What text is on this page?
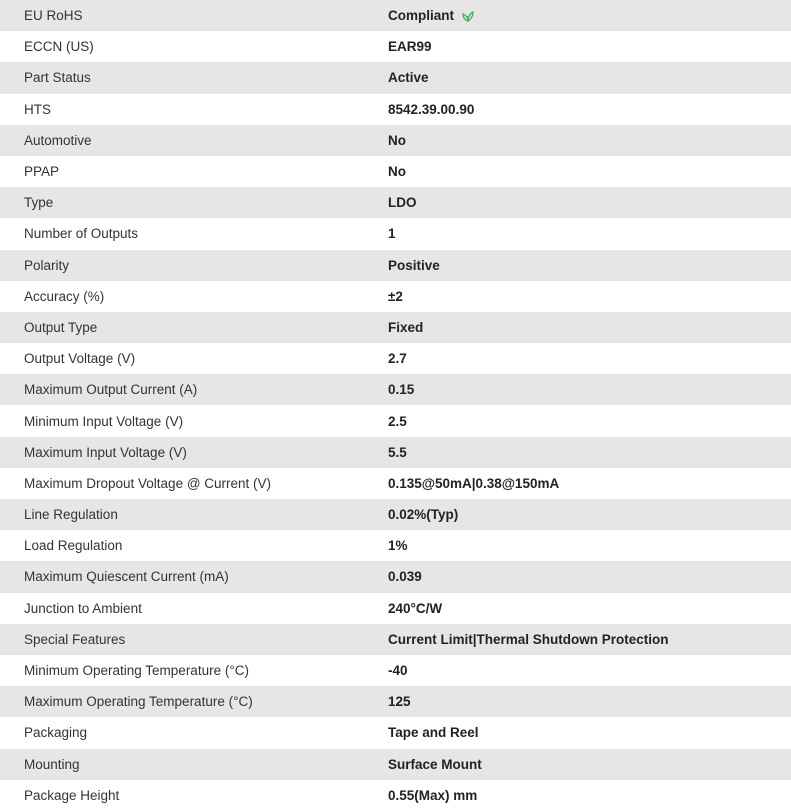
EU RoHS	Compliant
ECCN (US)	EAR99
Part Status	Active
HTS	8542.39.00.90
Automotive	No
PPAP	No
Type	LDO
Number of Outputs	1
Polarity	Positive
Accuracy (%)	±2
Output Type	Fixed
Output Voltage (V)	2.7
Maximum Output Current (A)	0.15
Minimum Input Voltage (V)	2.5
Maximum Input Voltage (V)	5.5
Maximum Dropout Voltage @ Current (V)	0.135@50mA|0.38@150mA
Line Regulation	0.02%(Typ)
Load Regulation	1%
Maximum Quiescent Current (mA)	0.039
Junction to Ambient	240°C/W
Special Features	Current Limit|Thermal Shutdown Protection
Minimum Operating Temperature (°C)	-40
Maximum Operating Temperature (°C)	125
Packaging	Tape and Reel
Mounting	Surface Mount
Package Height	0.55(Max) mm
